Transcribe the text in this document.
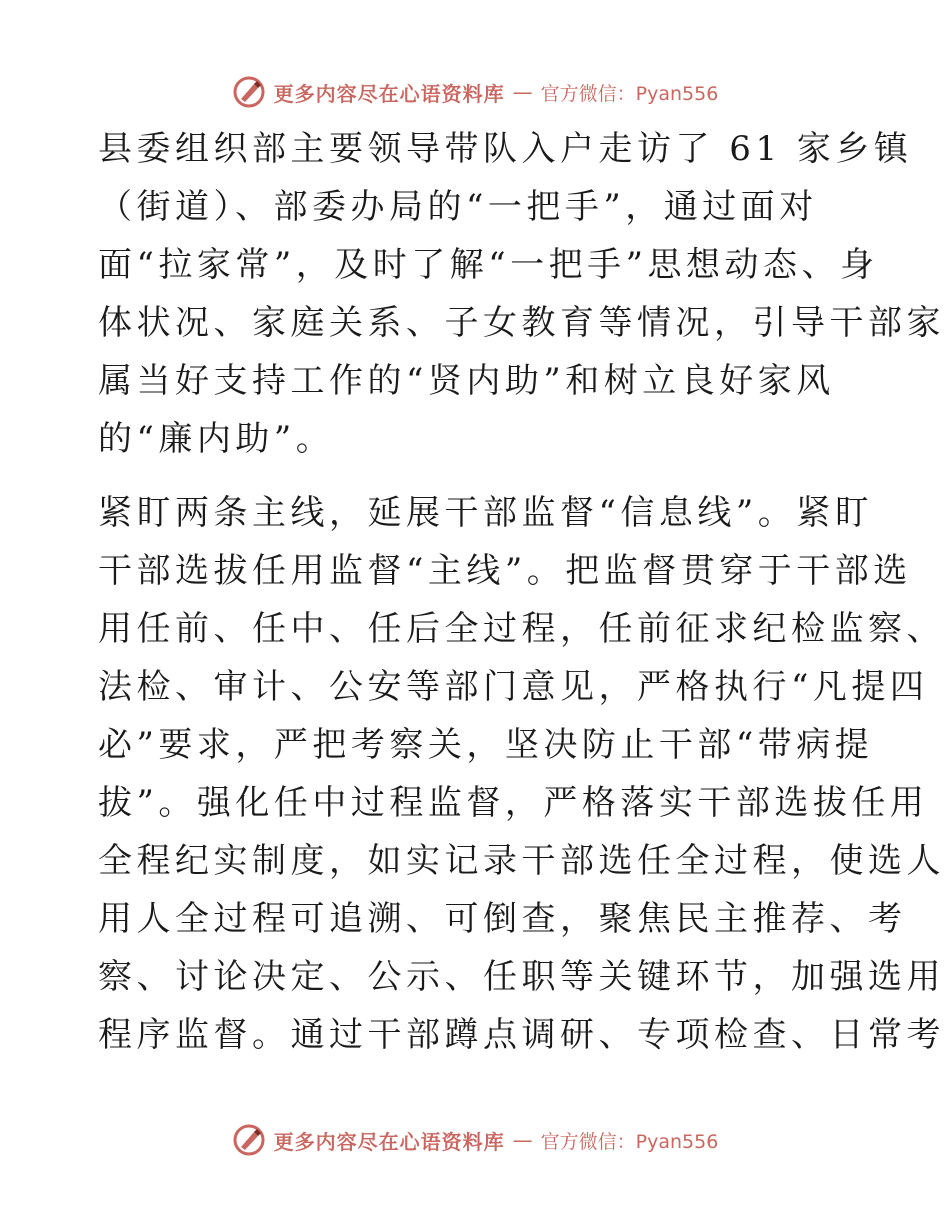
更多内容尽在心语资料库 — 官方微信：Pyan556
县委组织部主要领导带队入户走访了 61 家乡镇
（街道）、部委办局的“一把手”，通过面对
面“拉家常”，及时了解“一把手”思想动态、身
体状况、家庭关系、子女教育等情况，引导干部家
属当好支持工作的“贤内助”和树立良好家风
的“廉内助”。
紧盯两条主线，延展干部监督“信息线”。紧盯
干部选拔任用监督“主线”。把监督贯穿于干部选
用任前、任中、任后全过程，任前征求纪检监察、
法检、审计、公安等部门意见，严格执行“凡提四
必”要求，严把考察关，坚决防止干部“带病提
拔”。强化任中过程监督，严格落实干部选拔任用
全程纪实制度，如实记录干部选任全过程，使选人
用人全过程可追溯、可倒查，聚焦民主推荐、考
察、讨论决定、公示、任职等关键环节，加强选用
程序监督。通过干部蹲点调研、专项检查、日常考
更多内容尽在心语资料库 — 官方微信：Pyan556
